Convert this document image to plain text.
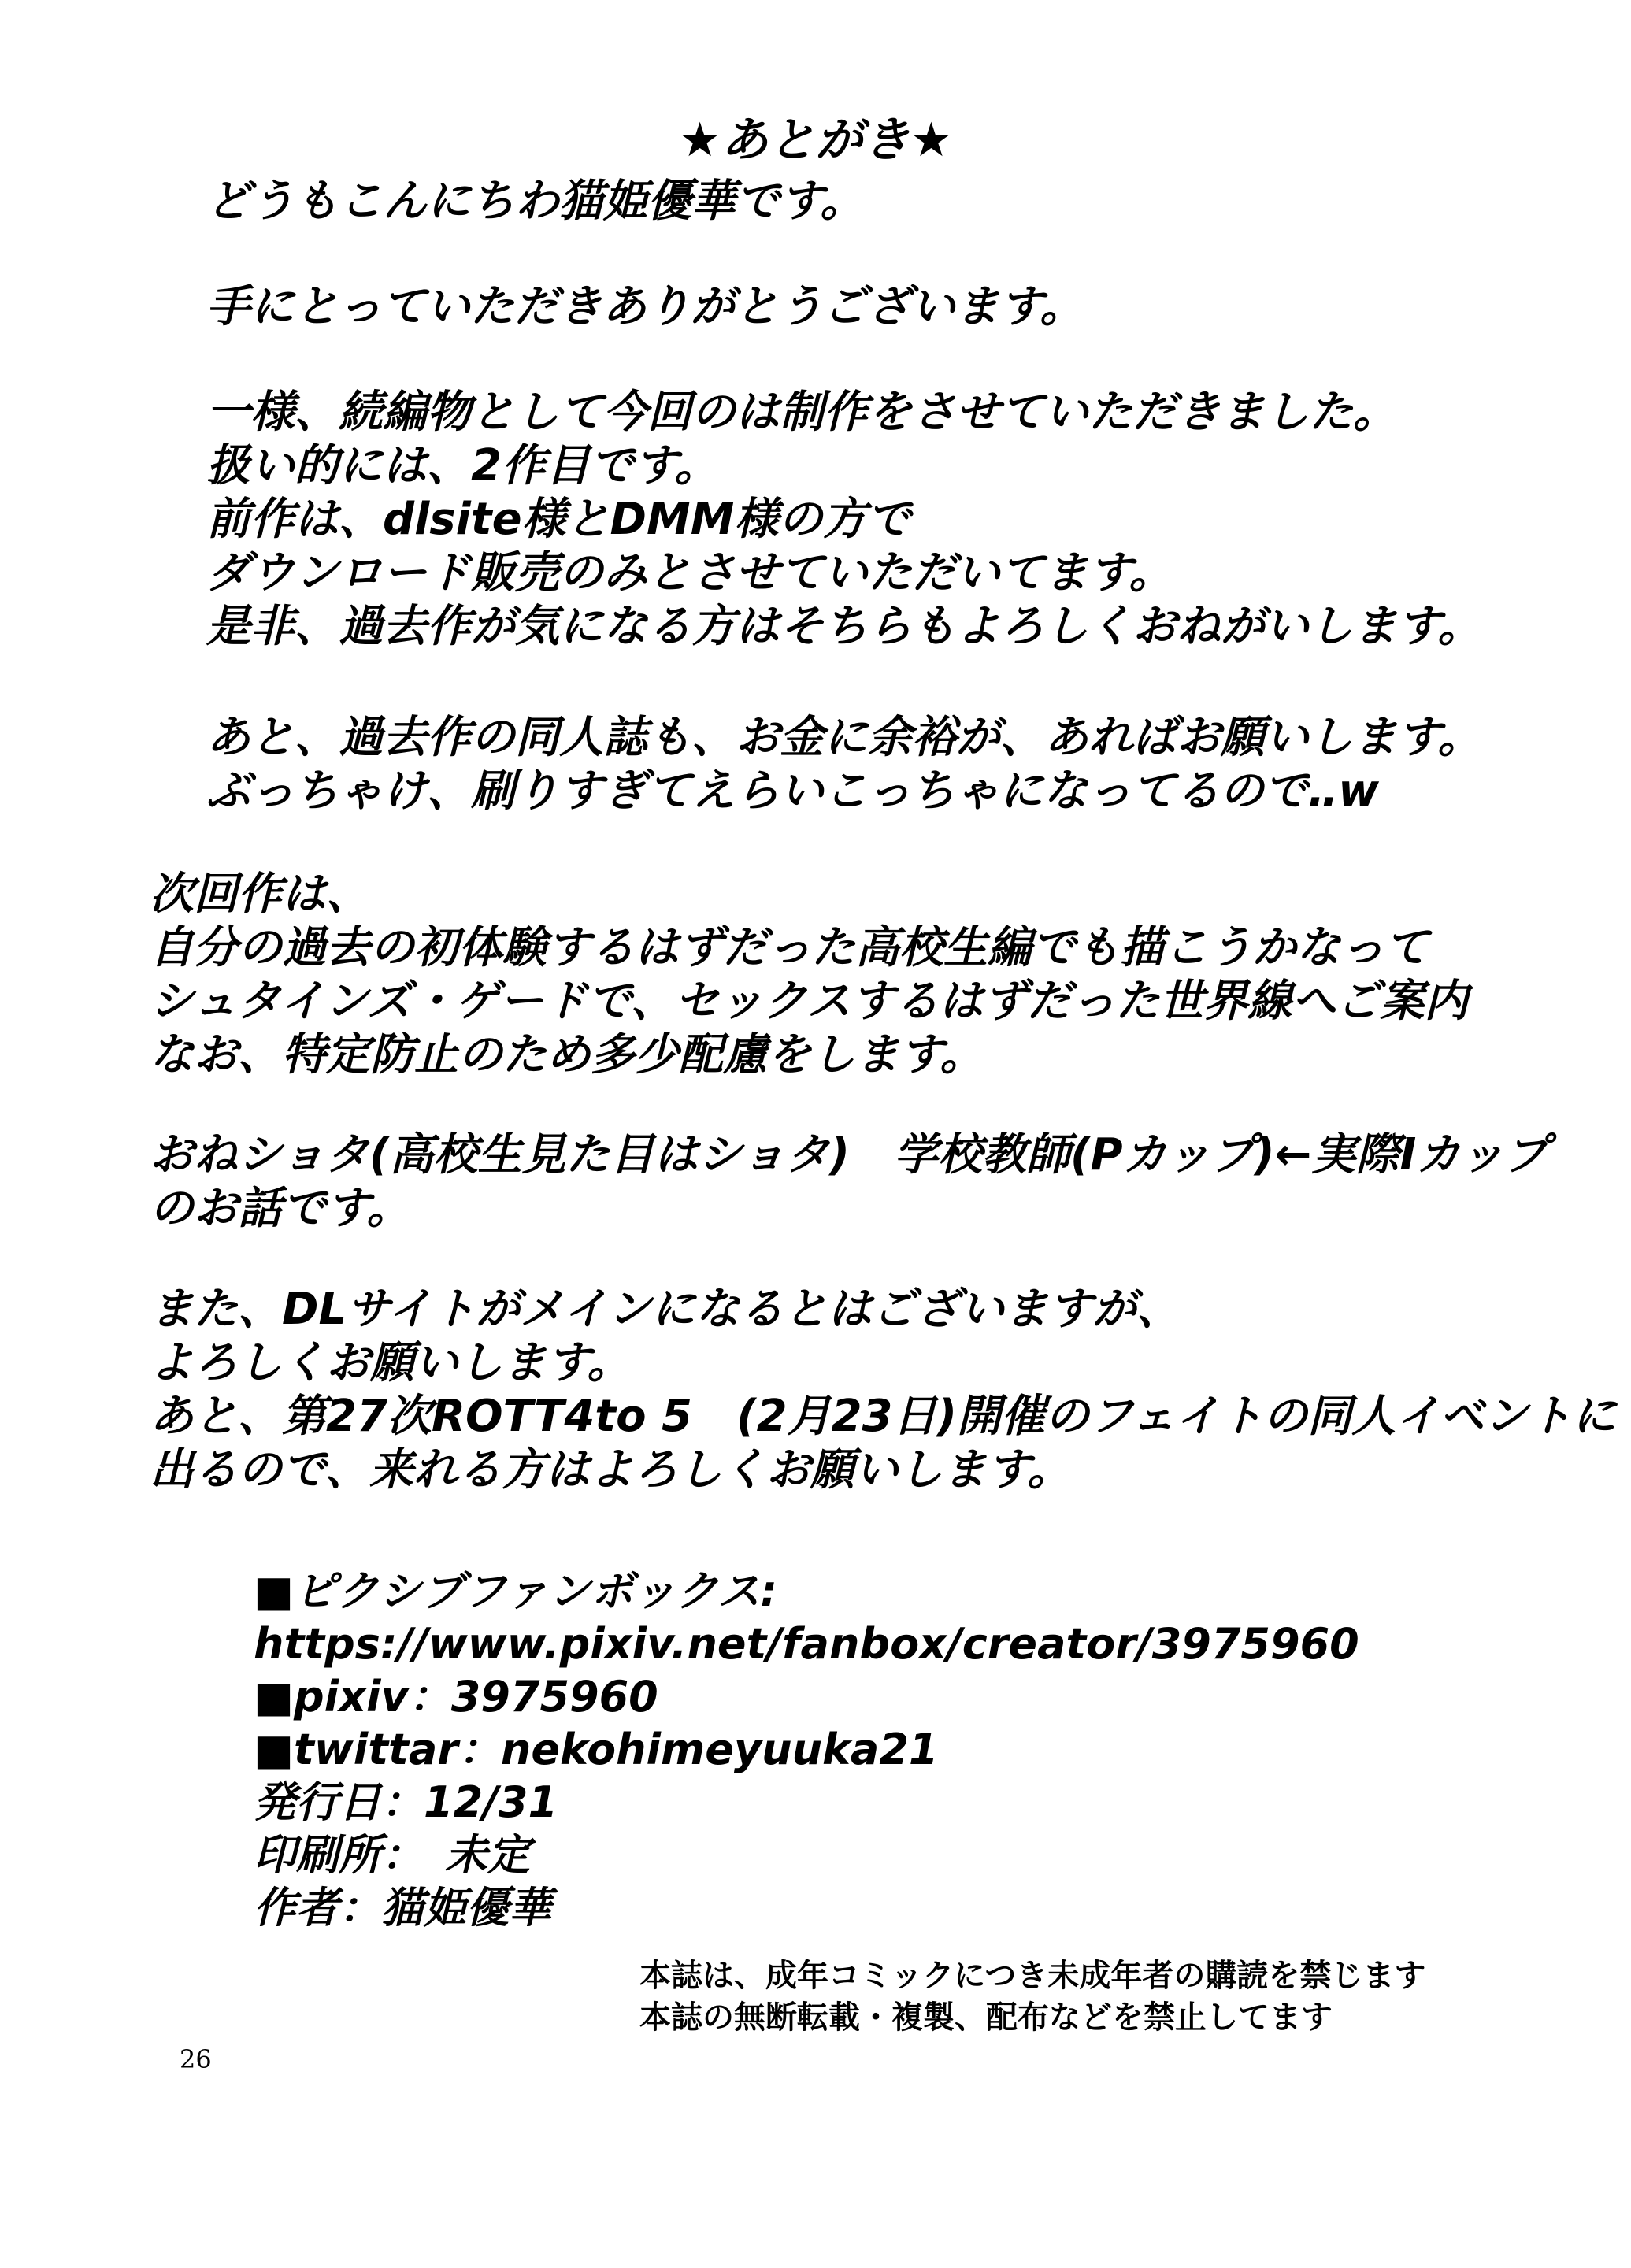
★あとがき★

どうもこんにちわ猫姫優華です。

手にとっていただきありがとうございます。

一様、続編物として今回のは制作をさせていただきました。

扱い的には、2作目です。

前作は、dlsite様とDMM様の方で

ダウンロード販売のみとさせていただいてます。

是非、過去作が気になる方はそちらもよろしくおねがいします。

あと、過去作の同人誌も、お金に余裕が、あればお願いします。

ぶっちゃけ、刷りすぎてえらいこっちゃになってるので‥w

次回作は、

自分の過去の初体験するはずだった高校生編でも描こうかなって

シュタインズ・ゲードで、セックスするはずだった世界線へご案内

なお、特定防止のため多少配慮をします。

おねショタ(高校生見た目はショタ)　学校教師(Pカップ)←実際Iカップ

のお話です。

また、DLサイトがメインになるとはございますが、

よろしくお願いします。

あと、第27次ROTT4to 5　(2月23日)開催のフェイトの同人イベントに

出るので、来れる方はよろしくお願いします。

■ピクシブファンボックス:

https://www.pixiv.net/fanbox/creator/3975960

■pixiv：3975960

■twittar：nekohimeyuuka21

発行日：12/31

印刷所：　未定

作者：猫姫優華

本誌は、成年コミックにつき未成年者の購読を禁じます

本誌の無断転載・複製、配布などを禁止してます

26
